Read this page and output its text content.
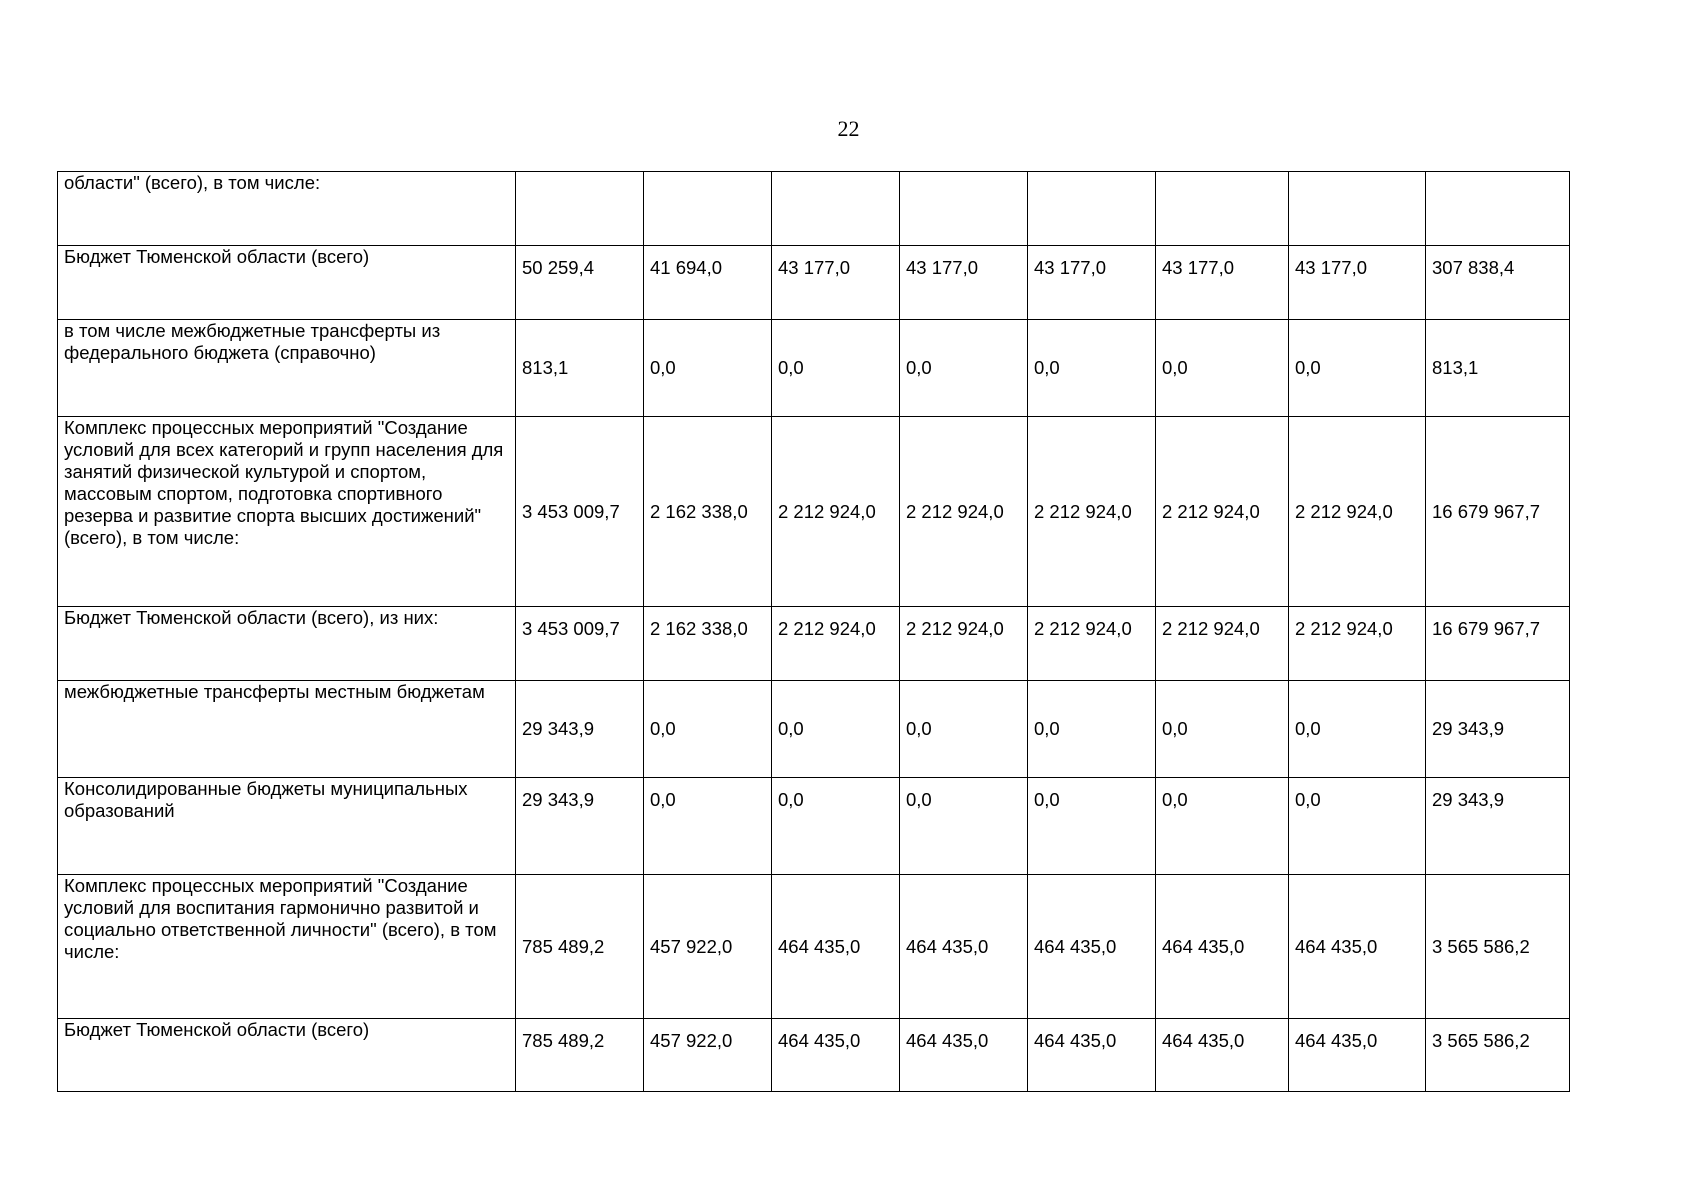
22
области" (всего), в том числе:								
Бюджет Тюменской области (всего)	50 259,4	41 694,0	43 177,0	43 177,0	43 177,0	43 177,0	43 177,0	307 838,4
в том числе межбюджетные трансферты из федерального бюджета (справочно)	813,1	0,0	0,0	0,0	0,0	0,0	0,0	813,1
Комплекс процессных мероприятий "Создание условий для всех категорий и групп населения для занятий физической культурой и спортом, массовым спортом, подготовка спортивного резерва и развитие спорта высших достижений" (всего), в том числе:	3 453 009,7	2 162 338,0	2 212 924,0	2 212 924,0	2 212 924,0	2 212 924,0	2 212 924,0	16 679 967,7
Бюджет Тюменской области (всего), из них:	3 453 009,7	2 162 338,0	2 212 924,0	2 212 924,0	2 212 924,0	2 212 924,0	2 212 924,0	16 679 967,7
межбюджетные трансферты местным бюджетам	29 343,9	0,0	0,0	0,0	0,0	0,0	0,0	29 343,9
Консолидированные бюджеты муниципальных образований	29 343,9	0,0	0,0	0,0	0,0	0,0	0,0	29 343,9
Комплекс процессных мероприятий "Создание условий для воспитания гармонично развитой и социально ответственной личности" (всего), в том числе:	785 489,2	457 922,0	464 435,0	464 435,0	464 435,0	464 435,0	464 435,0	3 565 586,2
Бюджет Тюменской области (всего)	785 489,2	457 922,0	464 435,0	464 435,0	464 435,0	464 435,0	464 435,0	3 565 586,2
